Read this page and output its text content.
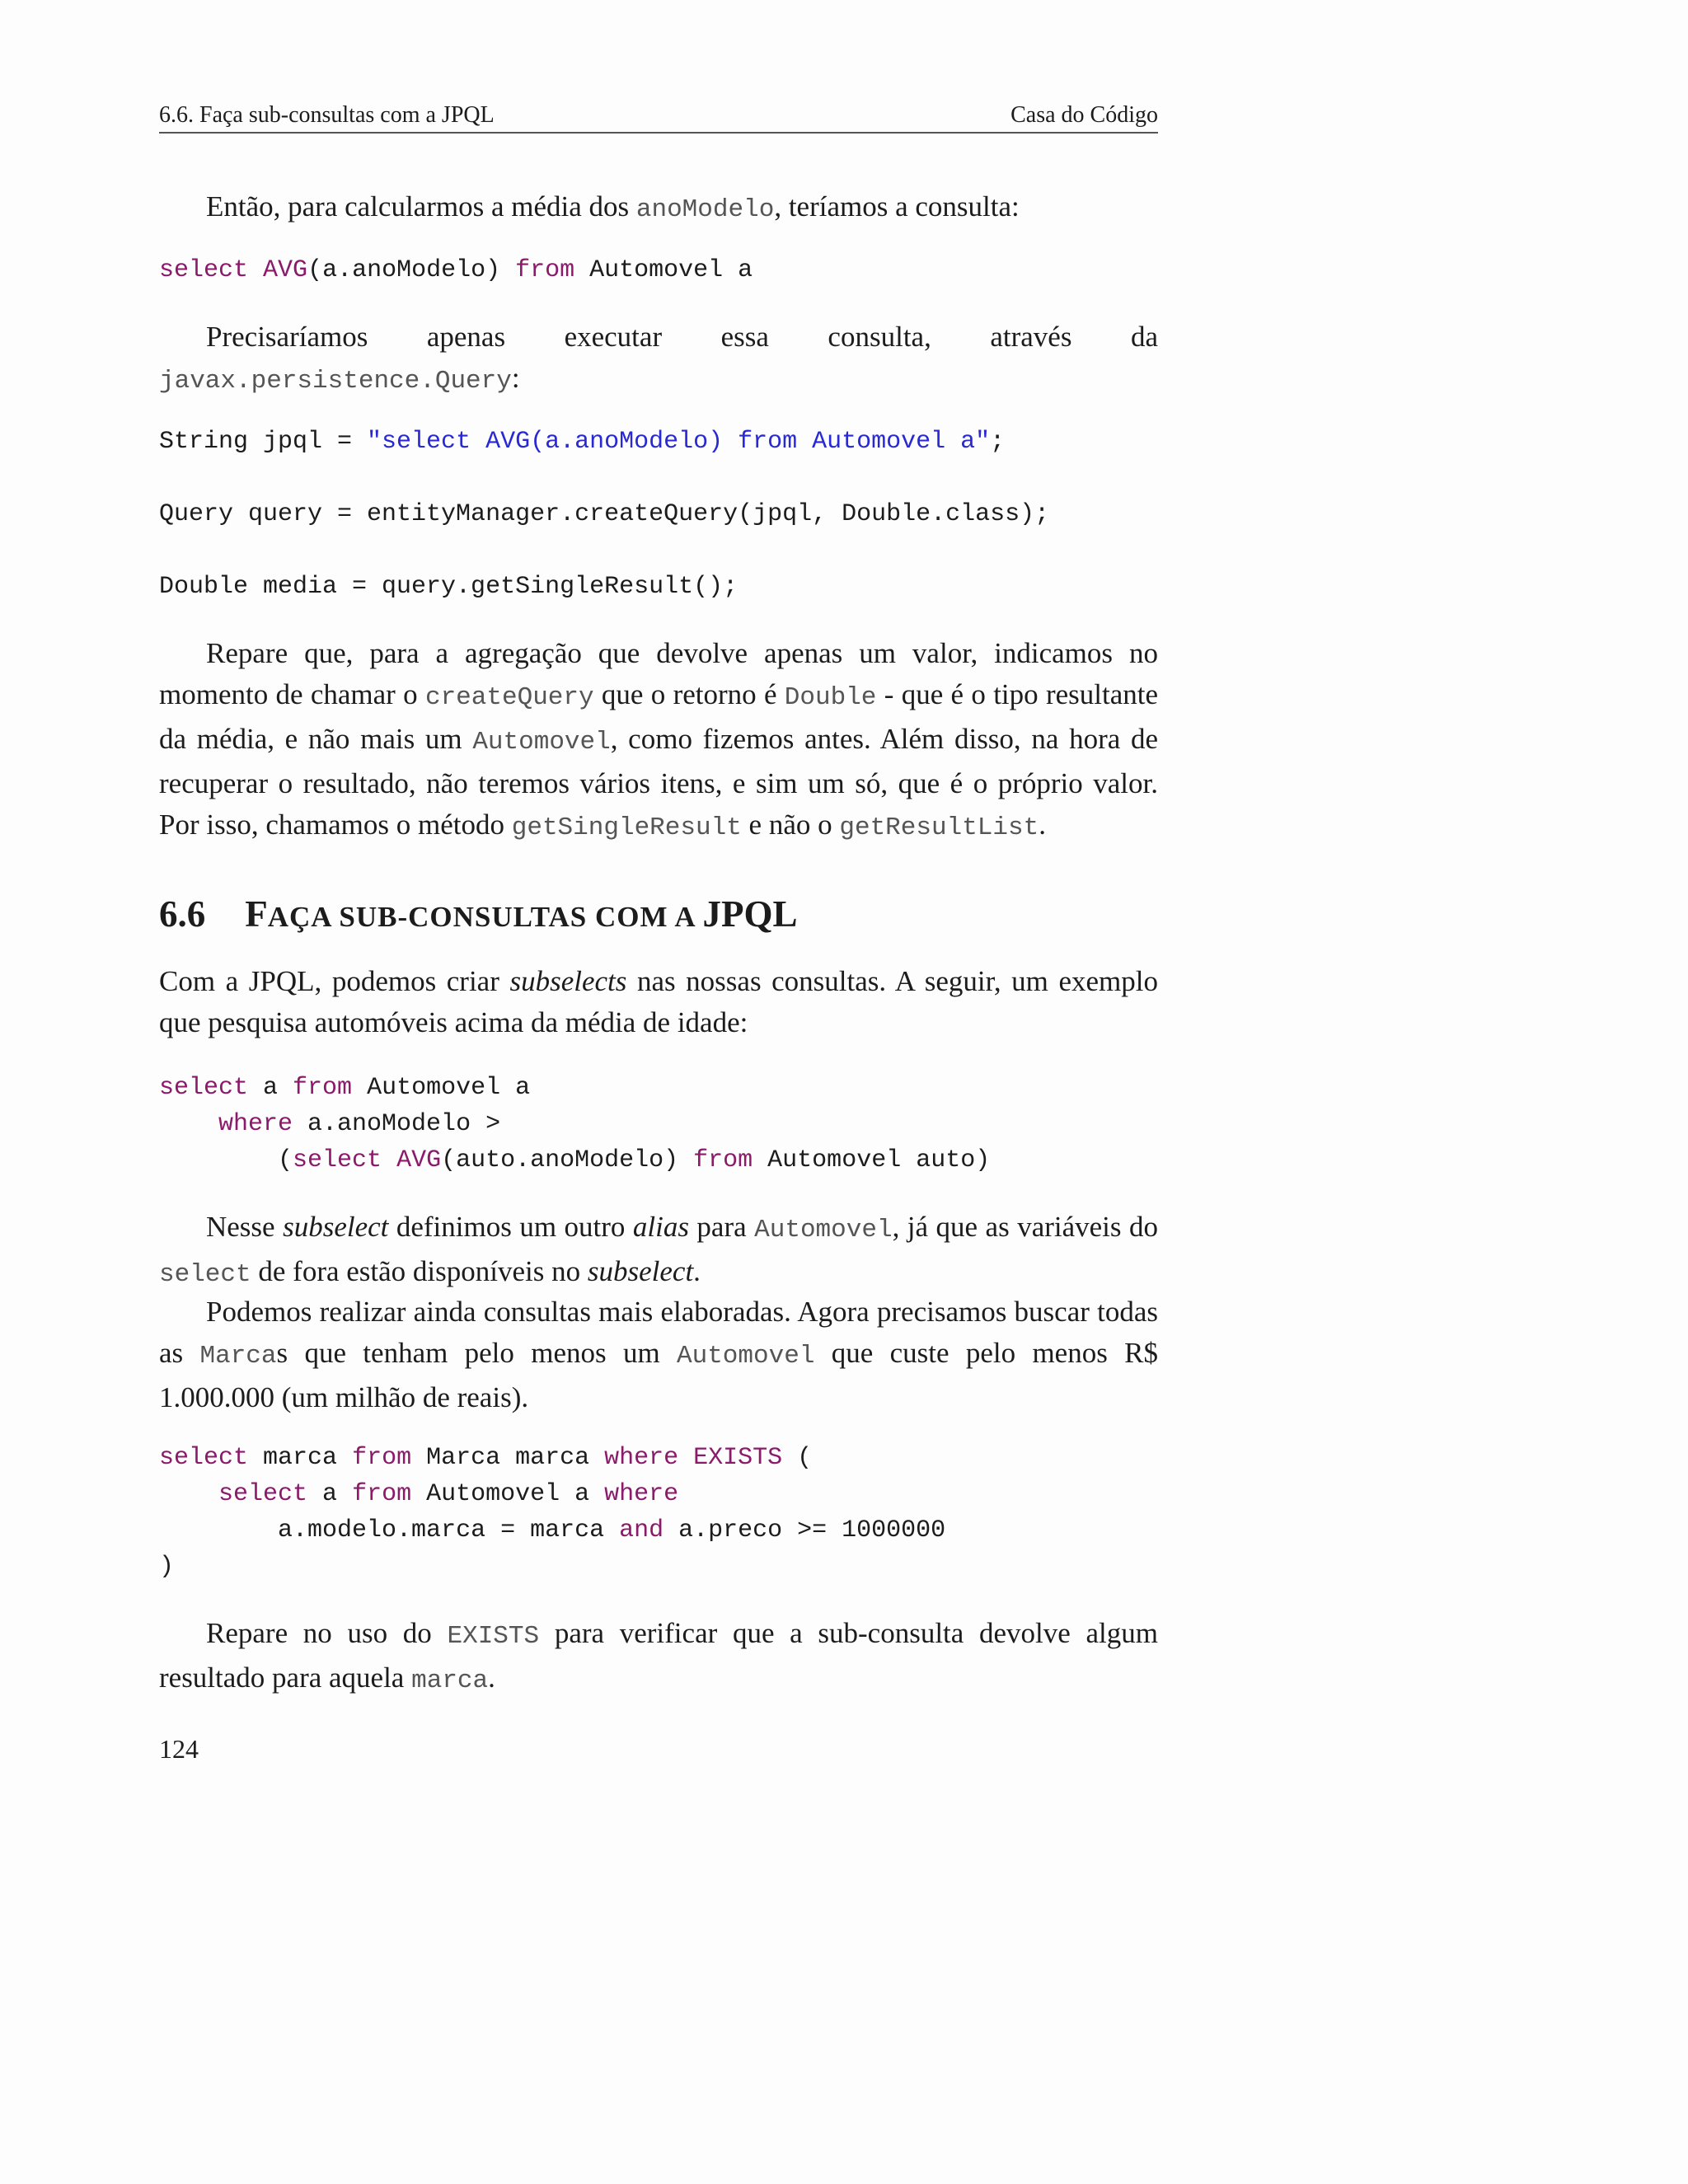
6.6. Faça sub-consultas com a JPQL	Casa do Código

Então, para calcularmos a média dos anoModelo, teríamos a consulta:

select AVG(a.anoModelo) from Automovel a

Precisaríamos apenas executar essa consulta, através da

javax.persistence.Query:

String jpql = "select AVG(a.anoModelo) from Automovel a";
Query query = entityManager.createQuery(jpql, Double.class);
Double media = query.getSingleResult();

Repare que, para a agregação que devolve apenas um valor, indicamos no momento de chamar o createQuery que o retorno é Double - que é o tipo resultante da média, e não mais um Automovel, como fizemos antes. Além disso, na hora de recuperar o resultado, não teremos vários itens, e sim um só, que é o próprio valor. Por isso, chamamos o método getSingleResult e não o getResultList.

6.6 FAÇA SUB-CONSULTAS COM A JPQL

Com a JPQL, podemos criar subselects nas nossas consultas. A seguir, um exemplo que pesquisa automóveis acima da média de idade:

select a from Automovel a
where a.anoModelo >
(select AVG(auto.anoModelo) from Automovel auto)

Nesse subselect definimos um outro alias para Automovel, já que as variáveis do select de fora estão disponíveis no subselect.

Podemos realizar ainda consultas mais elaboradas. Agora precisamos buscar todas as Marcas que tenham pelo menos um Automovel que custe pelo menos R$ 1.000.000 (um milhão de reais).

select marca from Marca marca where EXISTS (
select a from Automovel a where
a.modelo.marca = marca and a.preco >= 1000000
)

Repare no uso do EXISTS para verificar que a sub-consulta devolve algum resultado para aquela marca.

124
